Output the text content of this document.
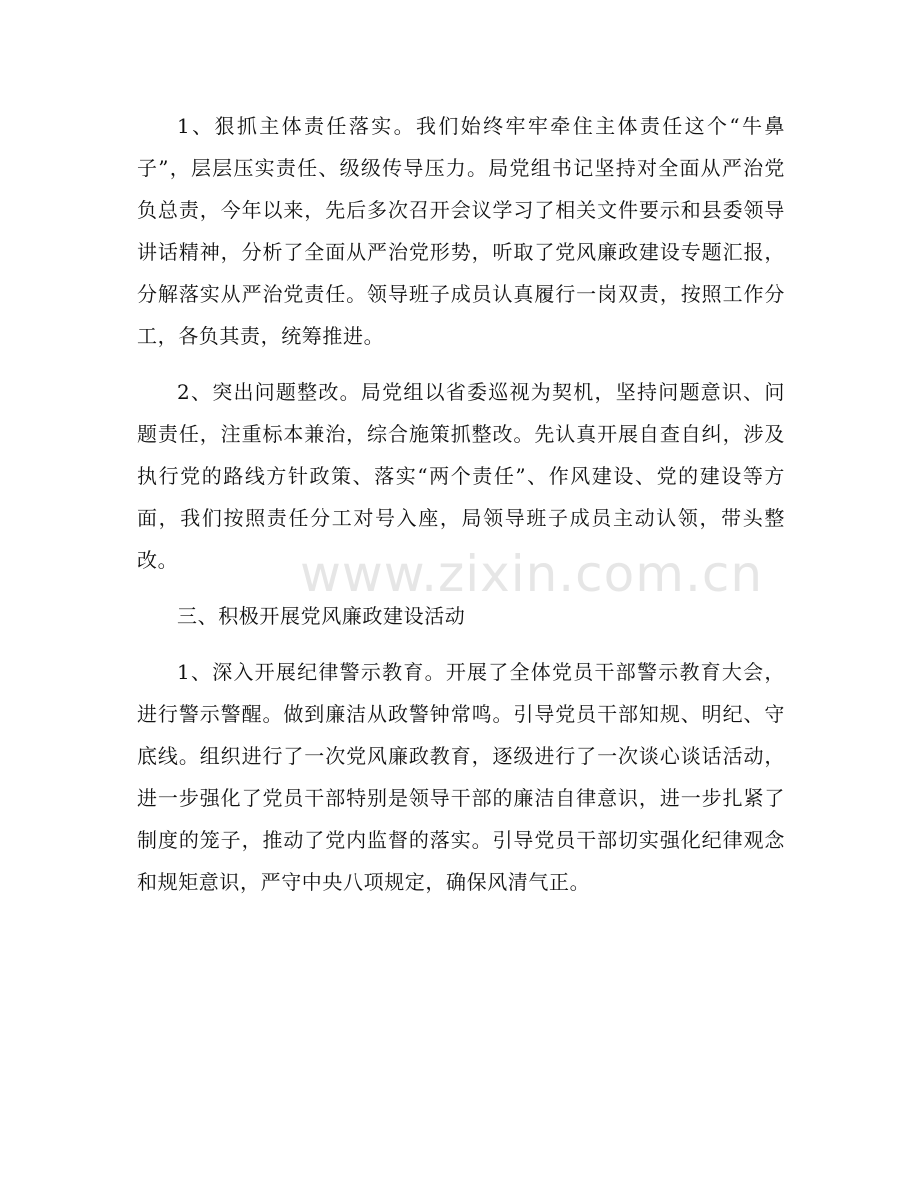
1、狠抓主体责任落实。我们始终牢牢牵住主体责任这个“牛鼻子”，层层压实责任、级级传导压力。局党组书记坚持对全面从严治党负总责，今年以来，先后多次召开会议学习了相关文件要示和县委领导讲话精神，分析了全面从严治党形势，听取了党风廉政建设专题汇报，分解落实从严治党责任。领导班子成员认真履行一岗双责，按照工作分工，各负其责，统筹推进。

2、突出问题整改。局党组以省委巡视为契机，坚持问题意识、问题责任，注重标本兼治，综合施策抓整改。先认真开展自查自纠，涉及执行党的路线方针政策、落实“两个责任”、作风建设、党的建设等方面，我们按照责任分工对号入座，局领导班子成员主动认领，带头整改。

三、积极开展党风廉政建设活动

1、深入开展纪律警示教育。开展了全体党员干部警示教育大会，进行警示警醒。做到廉洁从政警钟常鸣。引导党员干部知规、明纪、守底线。组织进行了一次党风廉政教育，逐级进行了一次谈心谈话活动，进一步强化了党员干部特别是领导干部的廉洁自律意识，进一步扎紧了制度的笼子，推动了党内监督的落实。引导党员干部切实强化纪律观念和规矩意识，严守中央八项规定，确保风清气正。

www.zixin.com.cn
